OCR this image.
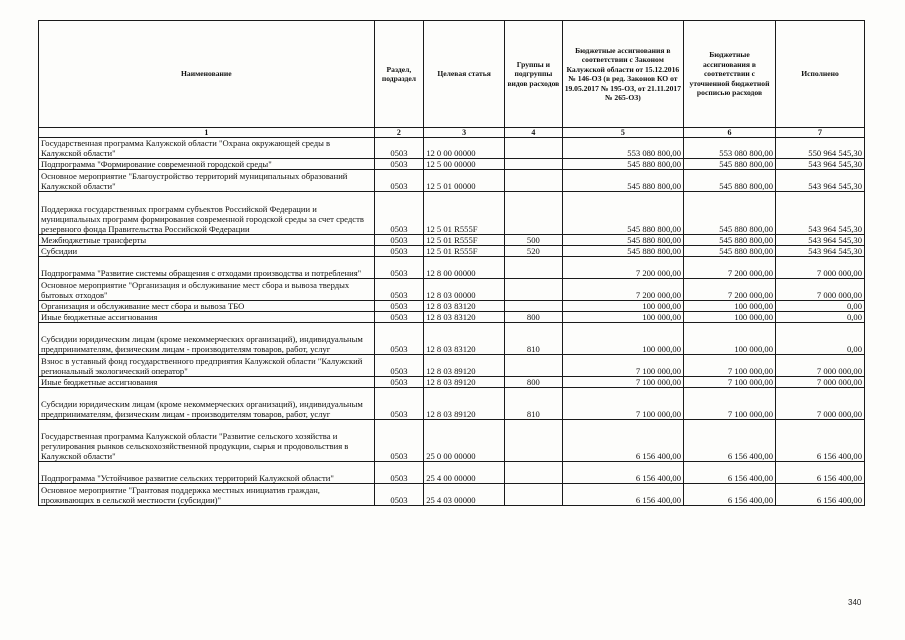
Наименование	Раздел, подраздел	Целевая статья	Группы и подгруппы видов расходов	Бюджетные ассигнования в соответствии с Законом Калужской области от 15.12.2016 № 146-ОЗ (в ред. Законов КО от 19.05.2017 № 195-ОЗ, от 21.11.2017 № 265-ОЗ)	Бюджетные ассигнования в соответствии с уточненной бюджетной росписью расходов	Исполнено
1	2	3	4	5	6	7
Государственная программа Калужской области "Охрана окружающей среды в Калужской области"	0503	12 0 00 00000		553 080 800,00	553 080 800,00	550 964 545,30
Подпрограмма "Формирование современной городской среды"	0503	12 5 00 00000		545 880 800,00	545 880 800,00	543 964 545,30
Основное мероприятие "Благоустройство территорий муниципальных образований Калужской области"	0503	12 5 01 00000		545 880 800,00	545 880 800,00	543 964 545,30
Поддержка государственных программ субъектов Российской Федерации и муниципальных программ формирования современной городской среды за счет средств резервного фонда Правительства Российской Федерации	0503	12 5 01 R555F		545 880 800,00	545 880 800,00	543 964 545,30
Межбюджетные трансферты	0503	12 5 01 R555F	500	545 880 800,00	545 880 800,00	543 964 545,30
Субсидии	0503	12 5 01 R555F	520	545 880 800,00	545 880 800,00	543 964 545,30
Подпрограмма "Развитие системы обращения с отходами производства и потребления"	0503	12 8 00 00000		7 200 000,00	7 200 000,00	7 000 000,00
Основное мероприятие "Организация и обслуживание мест сбора и вывоза твердых бытовых отходов"	0503	12 8 03 00000		7 200 000,00	7 200 000,00	7 000 000,00
Организация и обслуживание мест сбора и вывоза ТБО	0503	12 8 03 83120		100 000,00	100 000,00	0,00
Иные бюджетные ассигнования	0503	12 8 03 83120	800	100 000,00	100 000,00	0,00
Субсидии юридическим лицам (кроме некоммерческих организаций), индивидуальным предпринимателям, физическим лицам - производителям товаров, работ, услуг	0503	12 8 03 83120	810	100 000,00	100 000,00	0,00
Взнос в уставный фонд государственного предприятия Калужской области "Калужский региональный экологический оператор"	0503	12 8 03 89120		7 100 000,00	7 100 000,00	7 000 000,00
Иные бюджетные ассигнования	0503	12 8 03 89120	800	7 100 000,00	7 100 000,00	7 000 000,00
Субсидии юридическим лицам (кроме некоммерческих организаций), индивидуальным предпринимателям, физическим лицам - производителям товаров, работ, услуг	0503	12 8 03 89120	810	7 100 000,00	7 100 000,00	7 000 000,00
Государственная программа Калужской области "Развитие сельского хозяйства и регулирования рынков сельскохозяйственной продукции, сырья и продовольствия в Калужской области"	0503	25 0 00 00000		6 156 400,00	6 156 400,00	6 156 400,00
Подпрограмма "Устойчивое развитие сельских территорий Калужской области"	0503	25 4 00 00000		6 156 400,00	6 156 400,00	6 156 400,00
Основное мероприятие "Грантовая поддержка местных инициатив граждан, проживающих в сельской местности (субсидии)"	0503	25 4 03 00000		6 156 400,00	6 156 400,00	6 156 400,00
340
